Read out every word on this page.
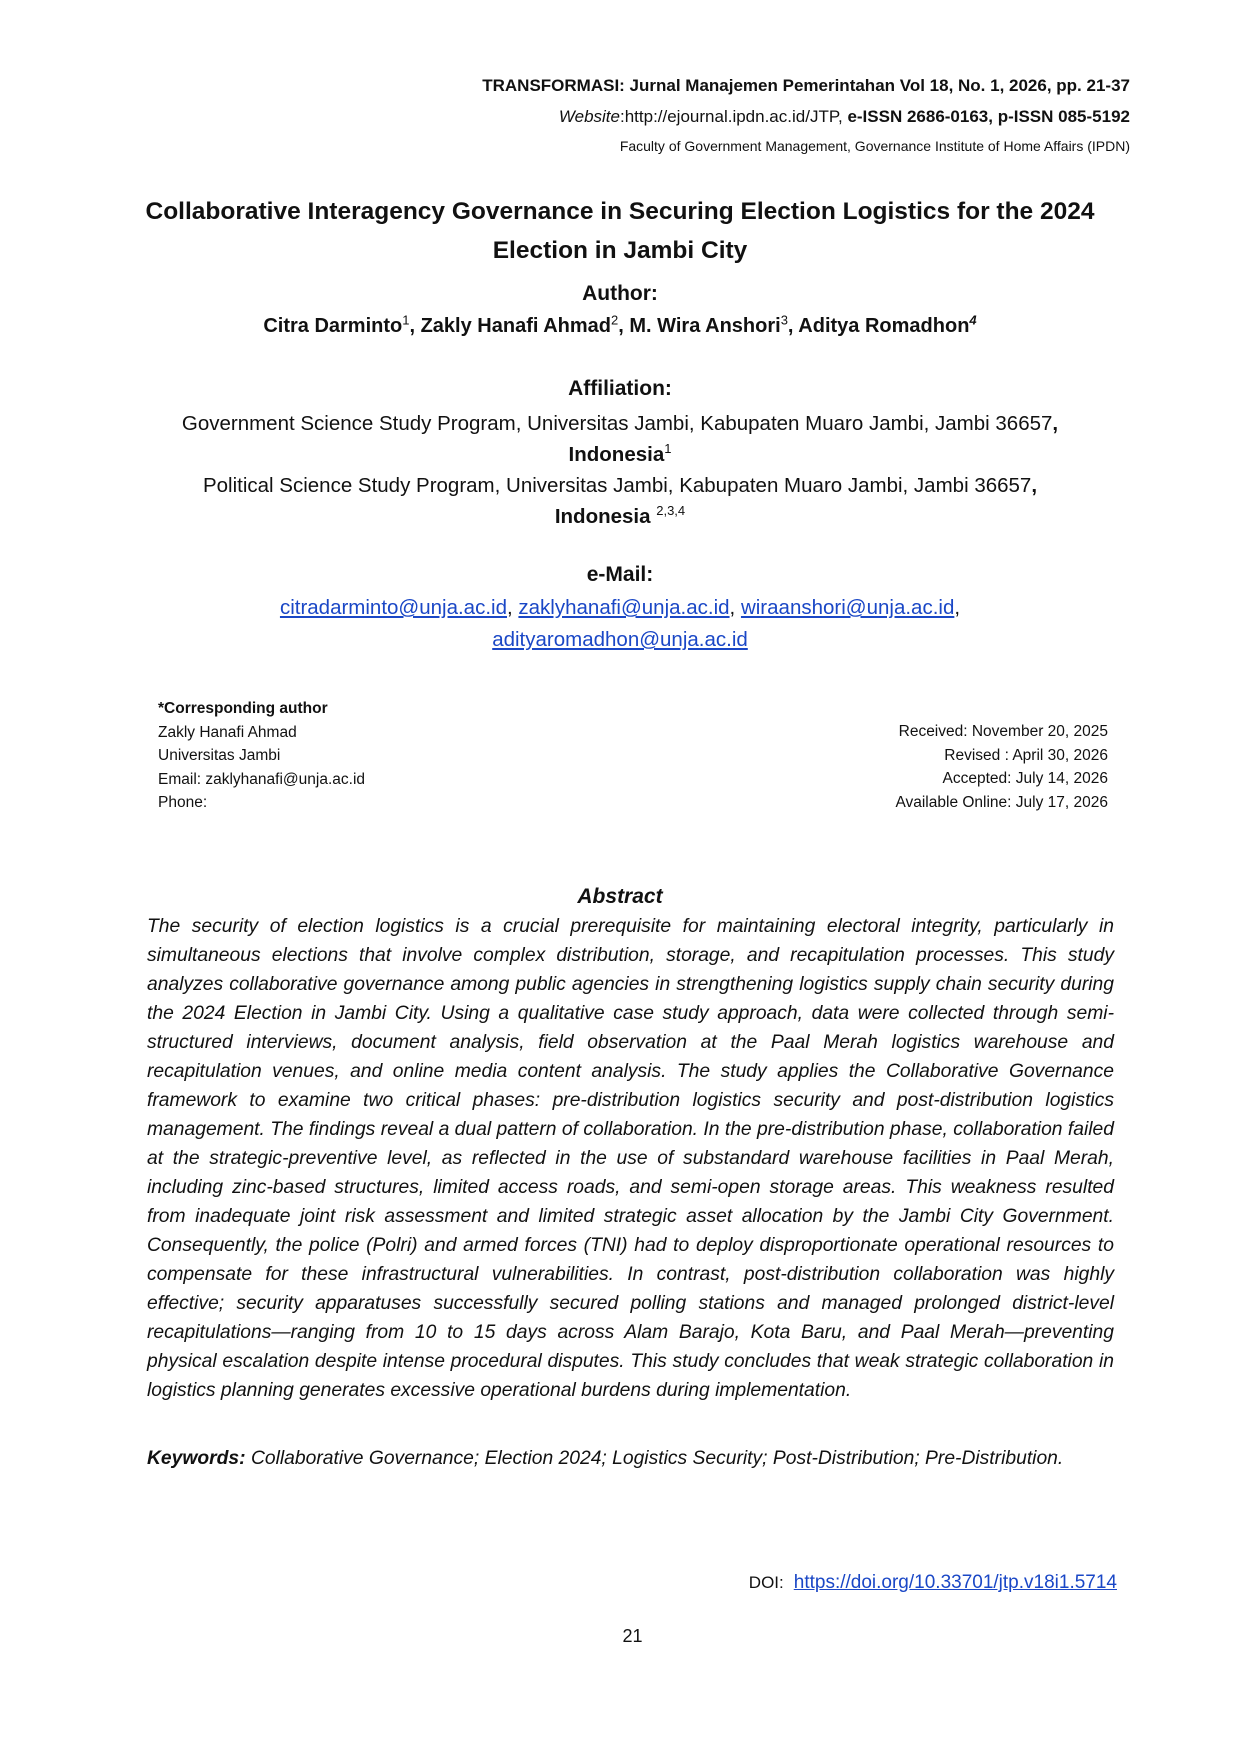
TRANSFORMASI: Jurnal Manajemen Pemerintahan Vol 18, No. 1, 2026, pp. 21-37
Website:http://ejournal.ipdn.ac.id/JTP, e-ISSN 2686-0163, p-ISSN 085-5192
Faculty of Government Management, Governance Institute of Home Affairs (IPDN)
Collaborative Interagency Governance in Securing Election Logistics for the 2024
Election in Jambi City
Author:
Citra Darminto$^1$, Zakly Hanafi Ahmad$^2$, M. Wira Anshori$^3$, Aditya Romadhon$^4$
Affiliation:
Government Science Study Program, Universitas Jambi, Kabupaten Muaro Jambi, Jambi 36657,
Indonesia$^1$
Political Science Study Program, Universitas Jambi, Kabupaten Muaro Jambi, Jambi 36657,
Indonesia $^{2,3,4}$
e-Mail:
citradarminto@unja.ac.id, zaklyhanafi@unja.ac.id, wiraanshori@unja.ac.id,
adityaromadhon@unja.ac.id
*Corresponding author
Zakly Hanafi Ahmad
Universitas Jambi
Email: zaklyhanafi@unja.ac.id
Phone:
Received: November 20, 2025
Revised : April 30, 2026
Accepted: July 14, 2026
Available Online: July 17, 2026
Abstract

The security of election logistics is a crucial prerequisite for maintaining electoral integrity, particularly in simultaneous elections that involve complex distribution, storage, and recapitulation processes. This study analyzes collaborative governance among public agencies in strengthening logistics supply chain security during the 2024 Election in Jambi City. Using a qualitative case study approach, data were collected through semi-structured interviews, document analysis, field observation at the Paal Merah logistics warehouse and recapitulation venues, and online media content analysis. The study applies the Collaborative Governance framework to examine two critical phases: pre-distribution logistics security and post-distribution logistics management. The findings reveal a dual pattern of collaboration. In the pre-distribution phase, collaboration failed at the strategic-preventive level, as reflected in the use of substandard warehouse facilities in Paal Merah, including zinc-based structures, limited access roads, and semi-open storage areas. This weakness resulted from inadequate joint risk assessment and limited strategic asset allocation by the Jambi City Government. Consequently, the police (Polri) and armed forces (TNI) had to deploy disproportionate operational resources to compensate for these infrastructural vulnerabilities. In contrast, post-distribution collaboration was highly effective; security apparatuses successfully secured polling stations and managed prolonged district-level recapitulations—ranging from 10 to 15 days across Alam Barajo, Kota Baru, and Paal Merah—preventing physical escalation despite intense procedural disputes. This study concludes that weak strategic collaboration in logistics planning generates excessive operational burdens during implementation.

Keywords: Collaborative Governance; Election 2024; Logistics Security; Post-Distribution; Pre-Distribution.

DOI: https://doi.org/10.33701/jtp.v18i1.5714
21
